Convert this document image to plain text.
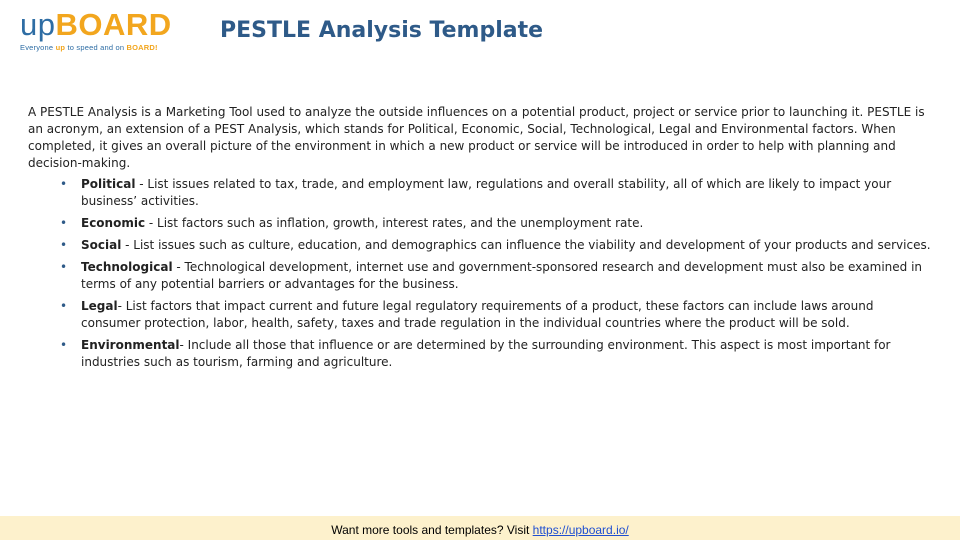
upBOARD
Everyone up to speed and on BOARD!
PESTLE Analysis Template

A PESTLE Analysis is a Marketing Tool used to analyze the outside influences on a potential product, project or service prior to launching it. PESTLE is an acronym, an extension of a PEST Analysis, which stands for Political, Economic, Social, Technological, Legal and Environmental factors. When completed, it gives an overall picture of the environment in which a new product or service will be introduced in order to help with planning and decision-making.

• Political - List issues related to tax, trade, and employment law, regulations and overall stability, all of which are likely to impact your business’ activities.
• Economic - List factors such as inflation, growth, interest rates, and the unemployment rate.
• Social - List issues such as culture, education, and demographics can influence the viability and development of your products and services.
• Technological - Technological development, internet use and government-sponsored research and development must also be examined in terms of any potential barriers or advantages for the business.
• Legal- List factors that impact current and future legal regulatory requirements of a product, these factors can include laws around consumer protection, labor, health, safety, taxes and trade regulation in the individual countries where the product will be sold.
• Environmental- Include all those that influence or are determined by the surrounding environment. This aspect is most important for industries such as tourism, farming and agriculture.
Want more tools and templates? Visit https://upboard.io/
